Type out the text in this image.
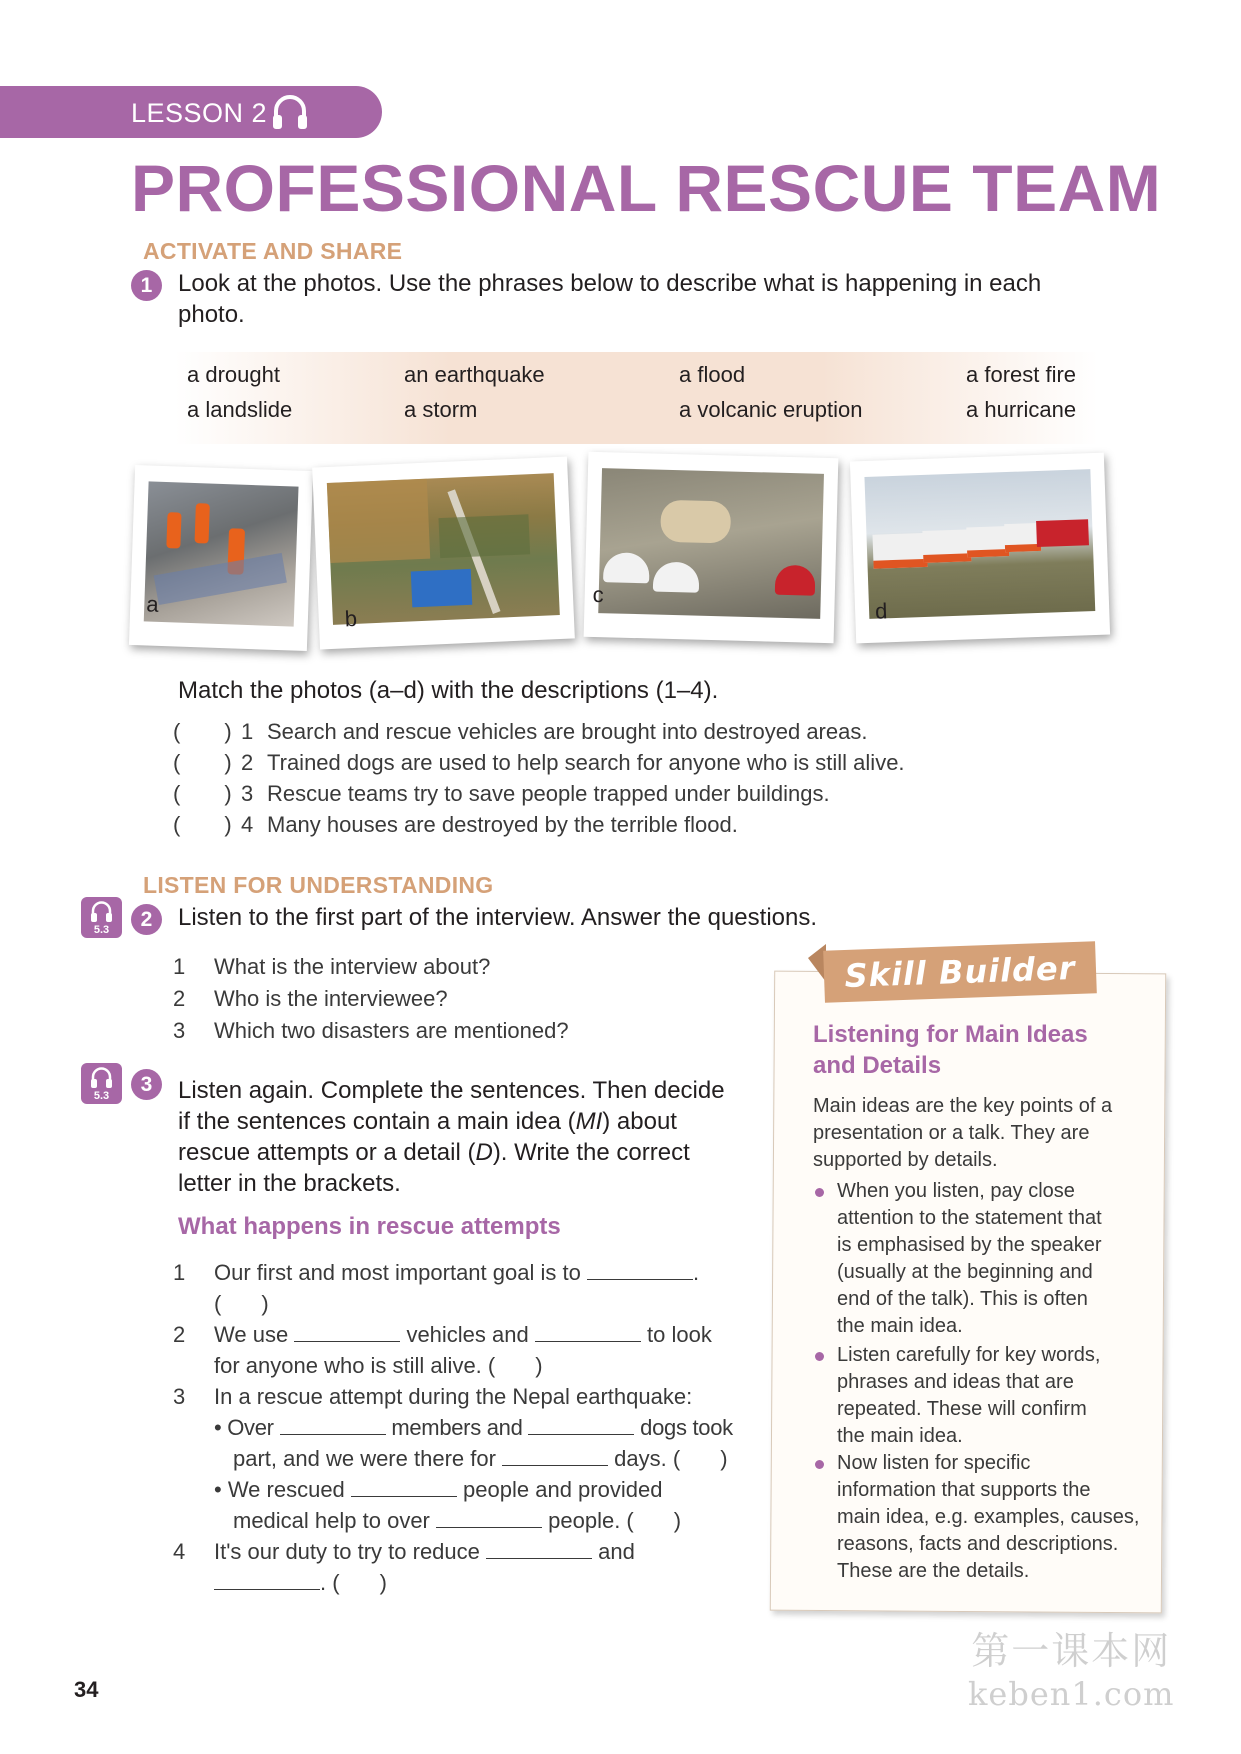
LESSON 2
PROFESSIONAL RESCUE TEAM
ACTIVATE AND SHARE
1	Look at the photos. Use the phrases below to describe what is happening in each
photo.
a drought	an earthquake	a flood	a forest fire
a landslide	a storm	a volcanic eruption	a hurricane
a
b
c
d
Match the photos (a–d) with the descriptions (1–4).
( ) 1 Search and rescue vehicles are brought into destroyed areas.
( ) 2 Trained dogs are used to help search for anyone who is still alive.
( ) 3 Rescue teams try to save people trapped under buildings.
( ) 4 Many houses are destroyed by the terrible flood.
LISTEN FOR UNDERSTANDING
5.3	2	Listen to the first part of the interview. Answer the questions.
1 What is the interview about?
2 Who is the interviewee?
3 Which two disasters are mentioned?
5.3	3	Listen again. Complete the sentences. Then decide
if the sentences contain a main idea (MI) about
rescue attempts or a detail (D). Write the correct
letter in the brackets.
What happens in rescue attempts
1 Our first and most important goal is to	.
( )
2 We use	vehicles and	to look
for anyone who is still alive. ( )
3 In a rescue attempt during the Nepal earthquake:
• Over	members and	dogs took
part, and we were there for	days. ( )
• We rescued	people and provided
medical help to over	people. ( )
4 It's our duty to try to reduce	and
. ( )
Skill Builder
Listening for Main Ideas
and Details
Main ideas are the key points of a
presentation or a talk. They are
supported by details.
When you listen, pay close
attention to the statement that
is emphasised by the speaker
(usually at the beginning and
end of the talk). This is often
the main idea.
Listen carefully for key words,
phrases and ideas that are
repeated. These will confirm
the main idea.
Now listen for specific
information that supports the
main idea, e.g. examples, causes,
reasons, facts and descriptions.
These are the details.
34
第一课本网
keben1.com
